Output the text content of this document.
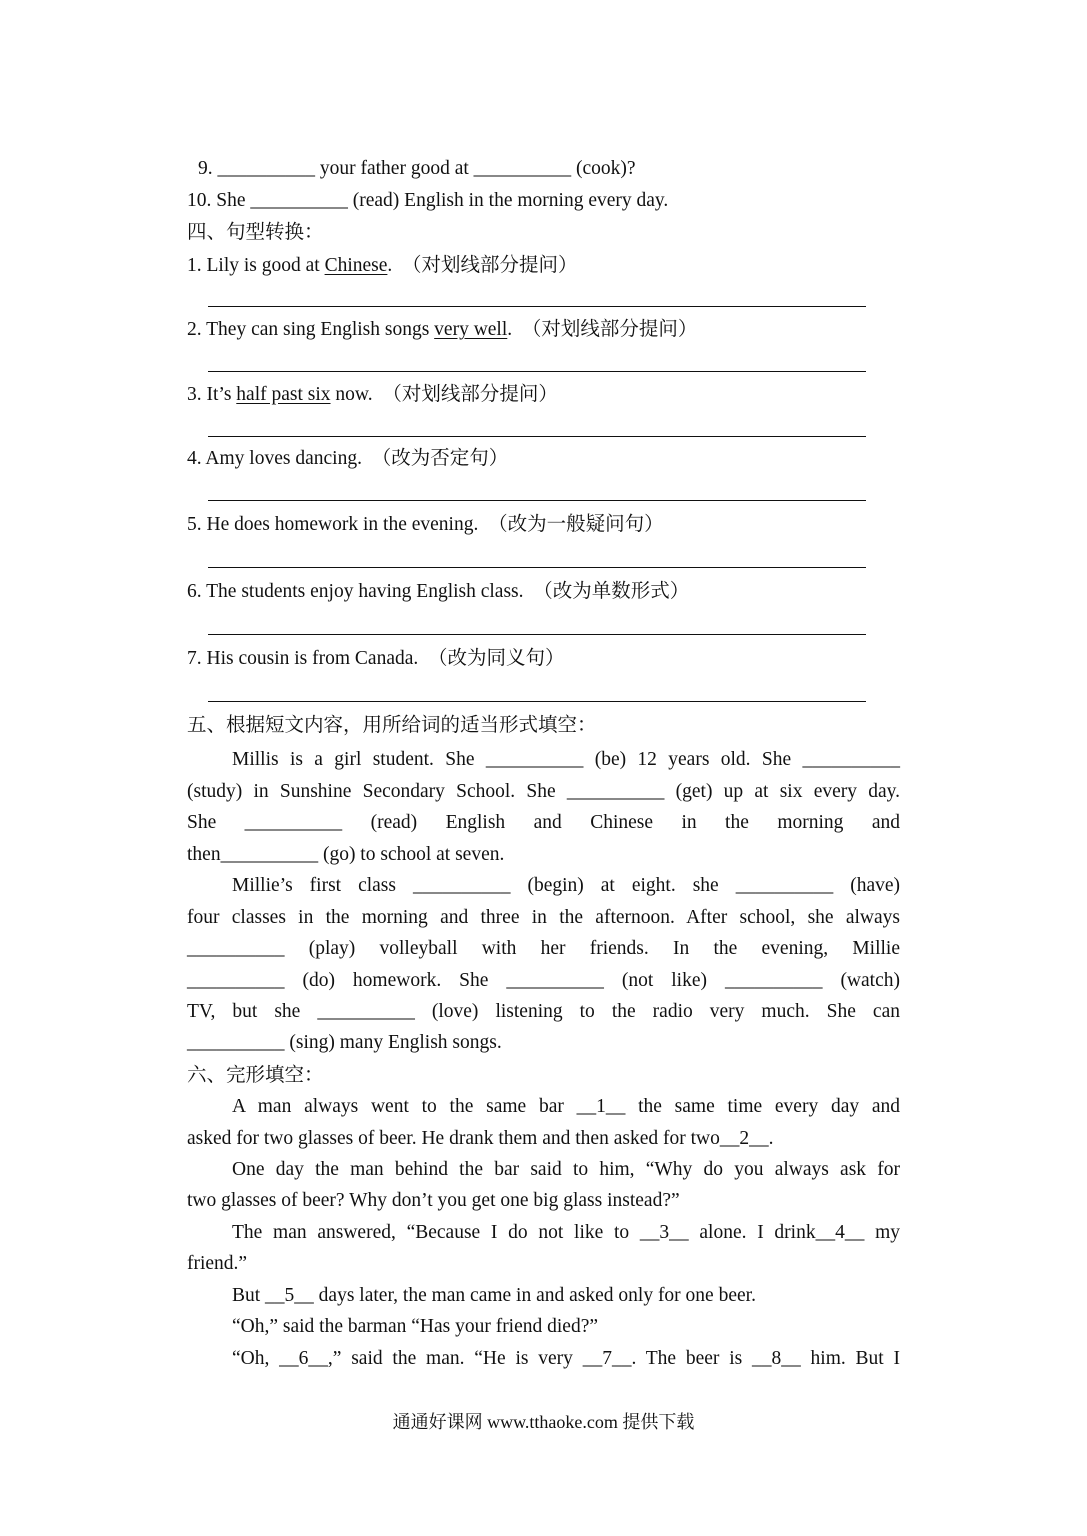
9. __________ your father good at __________ (cook)?
10. She __________ (read) English in the morning every day.
四、句型转换：
1. Lily is good at Chinese.  （对划线部分提问）
2. They can sing English songs very well.  （对划线部分提问）
3. It’s half past six now.  （对划线部分提问）
4. Amy loves dancing.  （改为否定句）
5. He does homework in the evening.  （改为一般疑问句）
6. The students enjoy having English class.  （改为单数形式）
7. His cousin is from Canada.  （改为同义句）
五、根据短文内容，用所给词的适当形式填空：
Millis is a girl student. She __________ (be) 12 years old. She __________
(study) in Sunshine Secondary School. She __________ (get) up at six every day.
She __________ (read) English and Chinese in the morning and
then__________ (go) to school at seven.
Millie’s first class __________ (begin) at eight. she __________ (have)
four classes in the morning and three in the afternoon. After school, she always
__________ (play) volleyball with her friends. In the evening, Millie
__________ (do) homework. She __________ (not like) __________ (watch)
TV, but she __________ (love) listening to the radio very much. She can
__________ (sing) many English songs.
六、完形填空：
A man always went to the same bar __1__ the same time every day and
asked for two glasses of beer. He drank them and then asked for two__2__.
One day the man behind the bar said to him, “Why do you always ask for
two glasses of beer? Why don’t you get one big glass instead?”
The man answered, “Because I do not like to __3__ alone. I drink__4__ my
friend.”
But __5__ days later, the man came in and asked only for one beer.
“Oh,” said the barman “Has your friend died?”
“Oh, __6__,” said the man. “He is very __7__. The beer is __8__ him. But I
通通好课网 www.tthaoke.com 提供下载
